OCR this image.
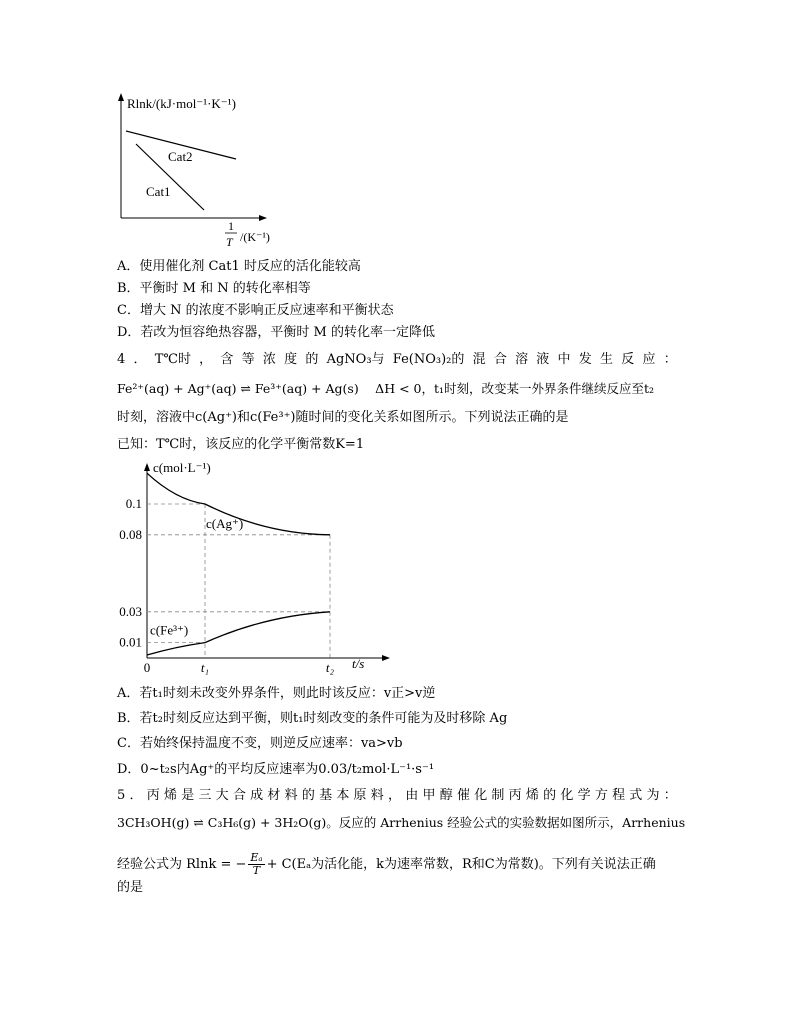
Rlnk/(kJ·mol⁻¹·K⁻¹)
Cat2
Cat1
1
T /(K⁻¹)
A．使用催化剂 Cat1 时反应的活化能较高
B．平衡时 M 和 N 的转化率相等
C．增大 N 的浓度不影响正反应速率和平衡状态
D．若改为恒容绝热容器，平衡时 M 的转化率一定降低
4 ． T℃时 ， 含 等 浓 度 的 AgNO₃与 Fe(NO₃)₂的 混 合 溶 液 中 发 生 反 应 ：
Fe²⁺(aq) + Ag⁺(aq) ⇌ Fe³⁺(aq) + Ag(s)　 ΔH < 0，t₁时刻，改变某一外界条件继续反应至t₂
时刻，溶液中c(Ag⁺)和c(Fe³⁺)随时间的变化关系如图所示。下列说法正确的是
已知：T℃时，该反应的化学平衡常数K=1
c(mol·L⁻¹)
t/s
0.1
0.08
0.03
0.01
0	t₁	t₂
c(Ag⁺)
c(Fe³⁺)
A．若t₁时刻未改变外界条件，则此时该反应：v正>v逆
B．若t₂时刻反应达到平衡，则t₁时刻改变的条件可能为及时移除 Ag
C．若始终保持温度不变，则逆反应速率：va>vb
D．0~t₂s内Ag⁺的平均反应速率为0.03/t₂mol·L⁻¹·s⁻¹
5 ． 丙 烯 是 三 大 合 成 材 料 的 基 本 原 料 ， 由 甲 醇 催 化 制 丙 烯 的 化 学 方 程 式 为 ：
3CH₃OH(g) ⇌ C₃H₆(g) + 3H₂O(g)。反应的 Arrhenius 经验公式的实验数据如图所示，Arrhenius
经验公式为 Rlnk = − $\frac{\text{Eₐ}}{T} + C(E_a$为活化能，k为速率常数，R和C为常数)。下列有关说法正确
的是
